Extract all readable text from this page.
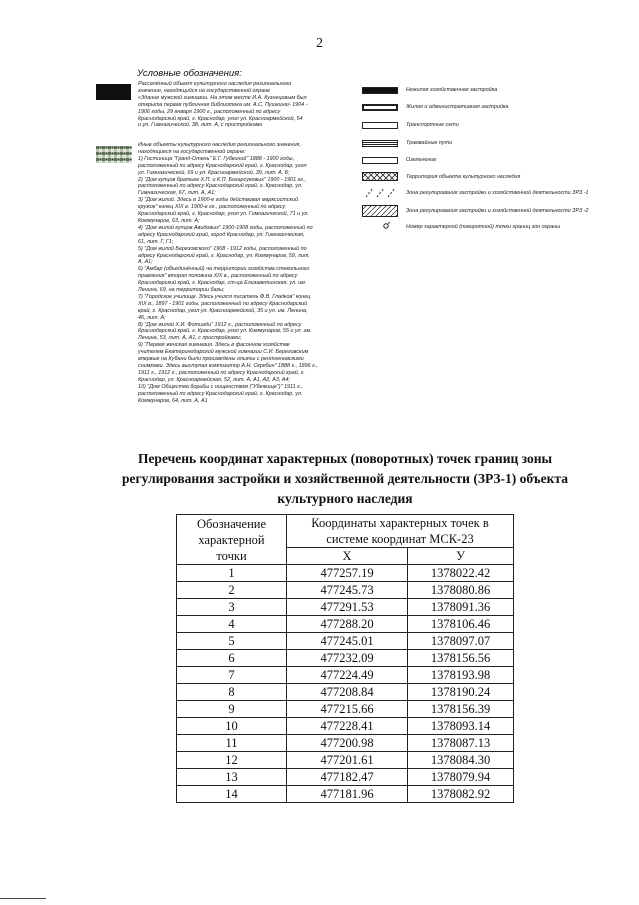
2
Условные обозначения:
Расселённый объект культурного наследия регионального
значения, находящийся на государственной охране
«Здание мужской гимназии. На этом месте И.А. Кузнецовым был
открыта первая публичная библиотека им. А.С. Пушкина» 1904 -
1906 годы, 29 января 1900 г., расположенный по адресу
Краснодарский край, г. Краснодар, угол ул. Красноармейской, 54
и ул. Гимназической, 38, лит. А, с пристройками
Иные объекты культурного наследия регионального значения,
находящиеся на государственной охране:
1) Гостиница "Гранд-Отель" Е.Г. Губкиной" 1888 - 1900 годы,
расположенный по адресу Краснодарский край, г. Краснодар, угол
ул. Гимназической, 69 и ул. Красноармейской, 39, лит. А, Б;
2) "Дом купцов братьев Х.П. и К.П. Богарсуковых" 1900 - 1901 гг.,
расположенный по адресу Краснодарский край, г. Краснодар, ул.
Гимназическая, 67, лит. А, А1;
3) "Дом жилой. Здесь в 1900-е годы действовал марксистский
кружок" конец XIX в. 1900-е гг., расположенный по адресу
Краснодарский край, г. Краснодар, угол ул. Гимназической, 71 и ул.
Коммунаров, 63, лит. А;
4) "Дом жилой купцов Авидовых" 1900-1908 годы, расположенный по
адресу Краснодарский край, город Краснодар, ул. Гимназическая,
61, лит. Г, Г1;
5) "Дом жилой Березовского" 1908 - 1912 годы, расположенный по
адресу Краснодарский край, г. Краснодар, ул. Коммунаров, 59, лит.
А, А1;
6) "Амбар (объединённый) на территории хозяйства стекольного
правления" вторая половина XIX в., расположенный по адресу
Краснодарский край, г. Краснодар, ст-ца Елизаветинская, ул. им.
Ленина, 69, на территории базы;
7) "Городское училище. Здесь учился писатель Ф.В. Гладков" конец
XIX в., 1897 - 1901 годы, расположенный по адресу Краснодарский
край, г. Краснодар, угол ул. Красноармейской, 35 и ул. им. Ленина,
46, лит. А;
8) "Дом жилой Х.И. Фотиади" 1912 г., расположенный по адресу
Краснодарский край, г. Краснодар, угол ул. Коммунаров, 55 и ул. им.
Ленина, 53, лит. А, А1, с пристройками;
9) "Первая женская гимназия. Здесь в фасонном хозяйстве
учителем Екатеринодарской мужской гимназии С.И. Береговским
впервые на Кубани были произведены опыты с рентгеновскими
снимками. Здесь выступал композитор А.Н. Скрябин" 1888 г., 1896 г.,
1911 г., 1912 г., расположенный по адресу Краснодарский край, г.
Краснодар, ул. Красноармейская, 52, лит. А, А1, А2, А3, А4;
10) "Дом Общества борьбы с нищенством ("Убежище")" 1911 г.,
расположенный по адресу Краснодарский край, г. Краснодар, ул.
Коммунаров, 64, лит. А, А1
Нежилая хозяйственная застройка
Жилая и административная застройка
Транспортные сети
Трамвайные пути
Озеленение
Территория объекта культурного наследия
Зона регулирования застройки и хозяйственной деятельности ЗРЗ -1
Зона регулирования застройки и хозяйственной деятельности ЗРЗ -2
Номер характерной (поворотной) точки границ зон охраны
Перечень координат характерных (поворотных) точек границ зоны
регулирования застройки и хозяйственной деятельности (ЗРЗ-1) объекта
культурного наследия
Обозначение
характерной
точки	Координаты характерных точек в	

	системе координат МСК-23	
	X	У
1	477257.19	1378022.42
2	477245.73	1378080.86
3	477291.53	1378091.36
4	477288.20	1378106.46
5	477245.01	1378097.07
6	477232.09	1378156.56
7	477224.49	1378193.98
8	477208.84	1378190.24
9	477215.66	1378156.39
10	477228.41	1378093.14
11	477200.98	1378087.13
12	477201.61	1378084.30
13	477182.47	1378079.94
14	477181.96	1378082.92
